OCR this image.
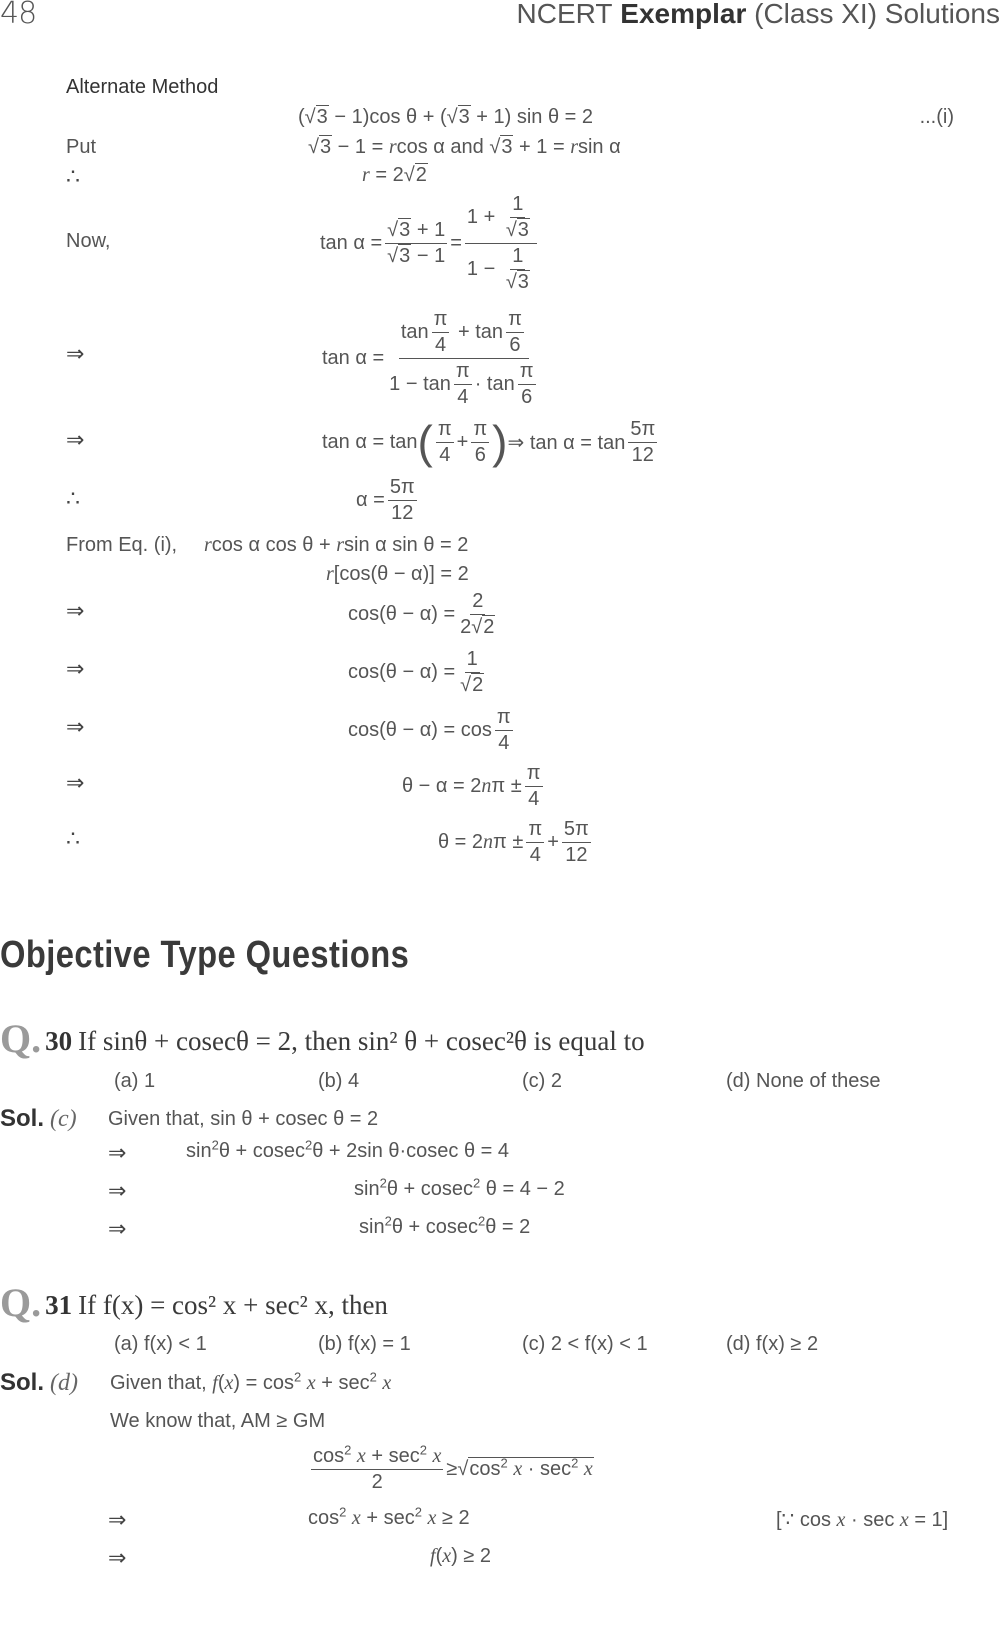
48	NCERT Exemplar (Class XI) Solutions
Alternate Method
(√3 − 1)cos θ + (√3 + 1) sin θ = 2	...(i)
Put	√3 − 1 = rcos α and √3 + 1 = rsin α
∴	r = 2√2
Now,	$\tan \alpha = \frac{√3 + 1}{√3 - 1} = \frac{1 + \frac{1}{√3}}{1 - \frac{1}{√3}}$
⇒	$\tan \alpha = \frac{\tan \frac{\pi}{4} + \tan \frac{\pi}{6}}{1 - \tan \frac{\pi}{4} \cdot \tan \frac{\pi}{6}}$
⇒	tan α = tan ( $\frac{\pi}{4} + \frac{\pi}{6}$ ) ⇒ $\tan \alpha = \tan \frac{5\pi}{12}$
∴	$\alpha = \frac{5\pi}{12}$
From Eq. (i), rcos α cos θ + rsin α sin θ = 2
r[cos(θ − α)] = 2
⇒	$\cos(\theta - \alpha) = \frac{2}{2√2}$
⇒	$\cos(\theta - \alpha) = \frac{1}{√2}$
⇒	$\cos(\theta - \alpha) = \cos \frac{\pi}{4}$
⇒	$\theta - \alpha = 2n\pi \pm \frac{\pi}{4}$
∴	$\theta = 2n\pi \pm \frac{\pi}{4} + \frac{5\pi}{12}$
Objective Type Questions
Q. 30 If sinθ + cosecθ = 2, then sin² θ + cosec²θ is equal to
(a) 1	(b) 4	(c) 2	(d) None of these
Sol. (c) Given that, sin θ + cosec θ = 2
⇒	$\sin^2\theta + cosec^2\theta + 2\sin$ θ·cosec θ = 4
⇒	$\sin^2\theta + cosec^2$ θ = 4 − 2
⇒	$\sin^2\theta + cosec^2\theta = 2$
Q. 31 If f(x) = cos² x + sec² x, then
(a) f(x) < 1	(b) f(x) = 1	(c) 2 < f(x) < 1	(d) f(x) ≥ 2
Sol. (d) Given that, $f(x) = \cos^2 x + \sec^2 x$
We know that, AM ≥ GM
$\frac{\cos^2 x + \sec^2 x}{2} \ge √\cos^2$ $x \cdot \sec^2 x$
⇒	$\cos^2 x + \sec^2 x \ge 2$	[∵ cos x · sec x = 1]
⇒	f(x) ≥ 2
